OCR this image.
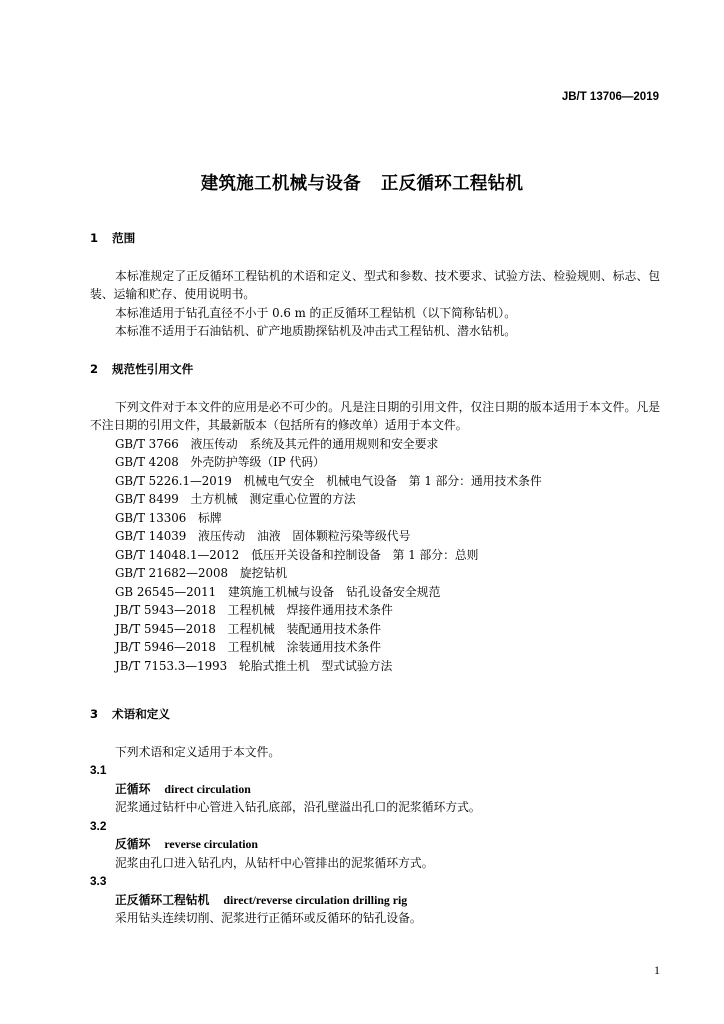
JB/T 13706—2019
建筑施工机械与设备 正反循环工程钻机
1 范围

本标准规定了正反循环工程钻机的术语和定义、型式和参数、技术要求、试验方法、检验规则、标志、包装、运输和贮存、使用说明书。

本标准适用于钻孔直径不小于 0.6 m 的正反循环工程钻机（以下简称钻机）。

本标准不适用于石油钻机、矿产地质勘探钻机及冲击式工程钻机、潜水钻机。

2 规范性引用文件

下列文件对于本文件的应用是必不可少的。凡是注日期的引用文件，仅注日期的版本适用于本文件。凡是不注日期的引用文件，其最新版本（包括所有的修改单）适用于本文件。

GB/T 3766　 液压传动　系统及其元件的通用规则和安全要求

GB/T 4208　 外壳防护等级（IP 代码）

GB/T 5226.1—2019　 机械电气安全　机械电气设备　第 1 部分：通用技术条件

GB/T 8499　 土方机械　测定重心位置的方法

GB/T 13306　 标牌

GB/T 14039　 液压传动　油液　固体颗粒污染等级代号

GB/T 14048.1—2012　 低压开关设备和控制设备　第 1 部分：总则

GB/T 21682—2008　 旋挖钻机

GB 26545—2011　 建筑施工机械与设备　钻孔设备安全规范

JB/T 5943—2018　 工程机械　焊接件通用技术条件

JB/T 5945—2018　 工程机械　装配通用技术条件

JB/T 5946—2018　 工程机械　涂装通用技术条件

JB/T 7153.3—1993　 轮胎式推土机　型式试验方法

3 术语和定义

下列术语和定义适用于本文件。

3.1

正循环 direct circulation

泥浆通过钻杆中心管进入钻孔底部，沿孔壁溢出孔口的泥浆循环方式。

3.2

反循环 reverse circulation

泥浆由孔口进入钻孔内，从钻杆中心管排出的泥浆循环方式。

3.3

正反循环工程钻机 direct/reverse circulation drilling rig

采用钻头连续切削、泥浆进行正循环或反循环的钻孔设备。

1
